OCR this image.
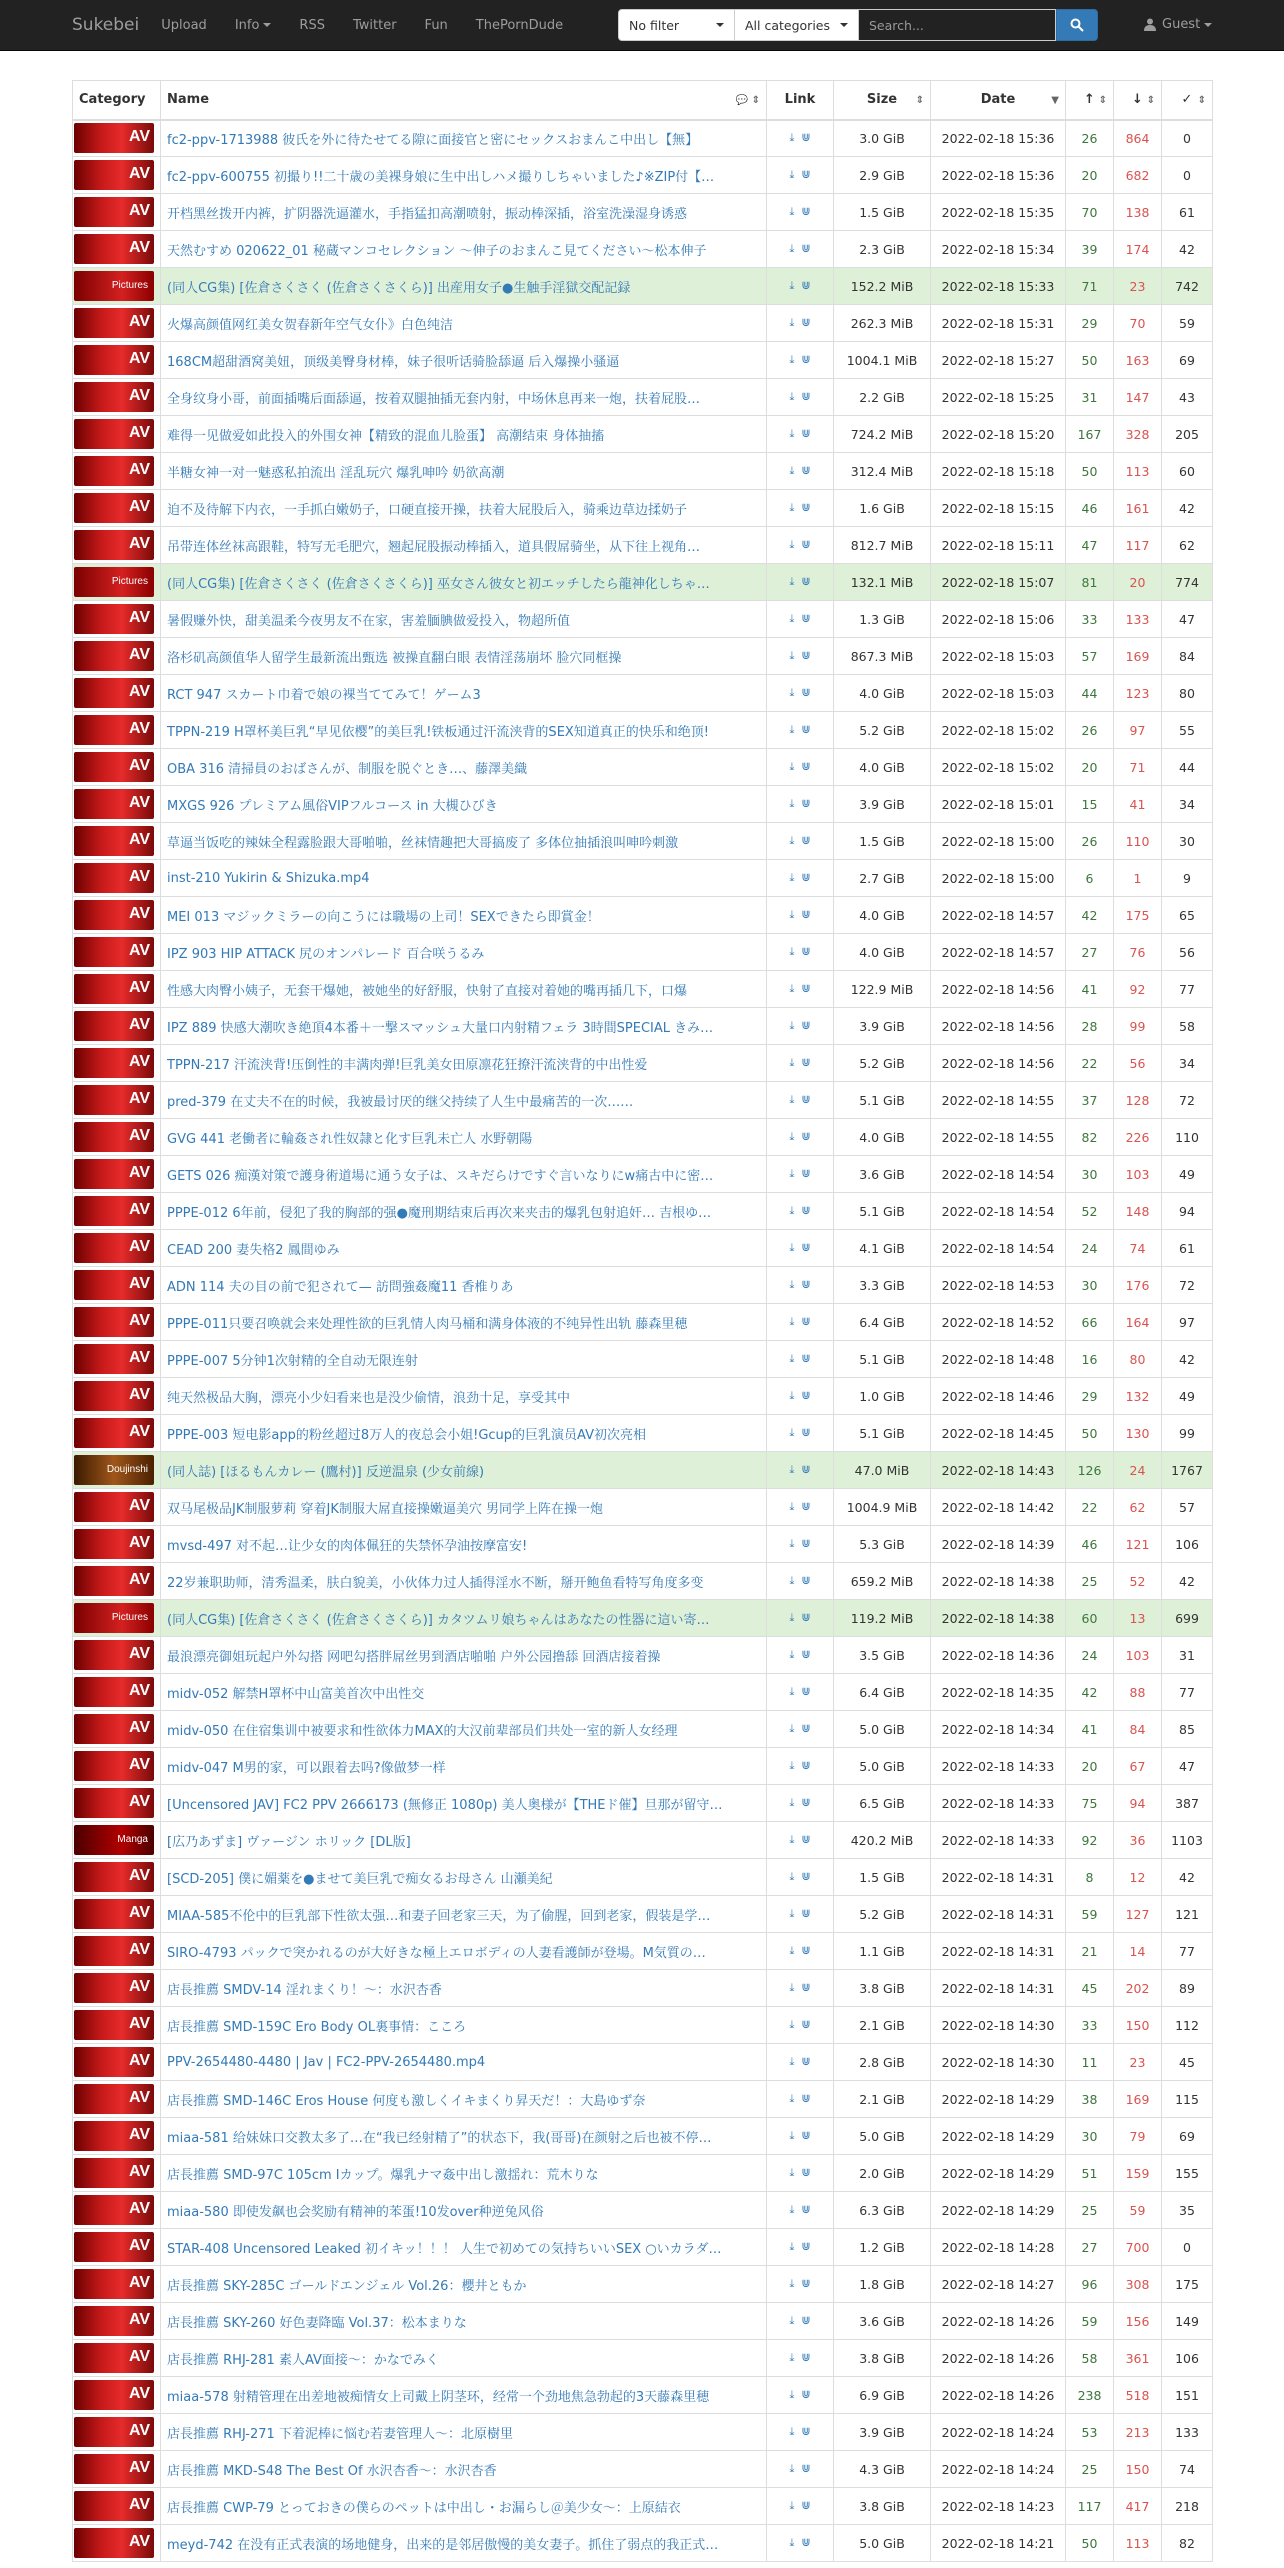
Sukebei Upload Info	RSS Twitter Fun ThePornDude	No filter	All categories	Search...	Guest
Category	Name 💬 ⇕	Link	Size ⇕	Date ▼	↑ ⇕	↓ ⇕	✓ ⇕

AV	fc2-ppv-1713988 彼氏を外に待たせてる隙に面接官と密にセックスおまんこ中出し【無】	⤓ ⋓	3.0 GiB	2022-02-18 15:36	26	864	0

AV	fc2-ppv-600755 初撮り!!二十歳の美裸身娘に生中出しハメ撮りしちゃいました♪※ZIP付【…	⤓ ⋓	2.9 GiB	2022-02-18 15:36	20	682	0

AV	开档黑丝拨开内裤，扩阴器洗逼灌水，手指猛扣高潮喷射，振动棒深插，浴室洗澡湿身诱惑	⤓ ⋓	1.5 GiB	2022-02-18 15:35	70	138	61

AV	天然むすめ 020622_01 秘蔵マンコセレクション 〜伸子のおまんこ見てください〜松本伸子	⤓ ⋓	2.3 GiB	2022-02-18 15:34	39	174	42

Pictures	(同人CG集) [佐倉さくさく (佐倉さくさくら)] 出産用女子●生触手淫獄交配記録	⤓ ⋓	152.2 MiB	2022-02-18 15:33	71	23	742

AV	火爆高颜值网红美女贺春新年空气女仆》白色纯洁	⤓ ⋓	262.3 MiB	2022-02-18 15:31	29	70	59

AV	168CM超甜酒窝美妞，顶级美臀身材棒，妹子很听话骑脸舔逼 后入爆操小骚逼	⤓ ⋓	1004.1 MiB	2022-02-18 15:27	50	163	69

AV	全身纹身小哥，前面插嘴后面舔逼，按着双腿抽插无套内射，中场休息再来一炮，扶着屁股…	⤓ ⋓	2.2 GiB	2022-02-18 15:25	31	147	43

AV	难得一见做爱如此投入的外围女神【精致的混血儿脸蛋】 高潮结束 身体抽搐	⤓ ⋓	724.2 MiB	2022-02-18 15:20	167	328	205

AV	半糖女神一对一魅惑私拍流出 淫乱玩穴 爆乳呻吟 奶欲高潮	⤓ ⋓	312.4 MiB	2022-02-18 15:18	50	113	60

AV	迫不及待解下内衣，一手抓白嫩奶子，口硬直接开操，扶着大屁股后入，骑乘边草边揉奶子	⤓ ⋓	1.6 GiB	2022-02-18 15:15	46	161	42

AV	吊带连体丝袜高跟鞋，特写无毛肥穴，翘起屁股振动棒插入，道具假屌骑坐，从下往上视角…	⤓ ⋓	812.7 MiB	2022-02-18 15:11	47	117	62

Pictures	(同人CG集) [佐倉さくさく (佐倉さくさくら)] 巫女さん彼女と初エッチしたら龍神化しちゃ…	⤓ ⋓	132.1 MiB	2022-02-18 15:07	81	20	774

AV	暑假赚外快，甜美温柔今夜男友不在家，害羞腼腆做爱投入，物超所值	⤓ ⋓	1.3 GiB	2022-02-18 15:06	33	133	47

AV	洛杉矶高颜值华人留学生最新流出甄选 被操直翻白眼 表情淫荡崩坏 脸穴同框操	⤓ ⋓	867.3 MiB	2022-02-18 15:03	57	169	84

AV	RCT 947 スカート巾着で娘の裸当ててみて！ゲーム3	⤓ ⋓	4.0 GiB	2022-02-18 15:03	44	123	80

AV	TPPN-219 H罩杯美巨乳“早见依樱”的美巨乳!铁板通过汗流浃背的SEX知道真正的快乐和绝顶!	⤓ ⋓	5.2 GiB	2022-02-18 15:02	26	97	55

AV	OBA 316 清掃員のおばさんが、制服を脱ぐとき…、藤澤美織	⤓ ⋓	4.0 GiB	2022-02-18 15:02	20	71	44

AV	MXGS 926 プレミアム風俗VIPフルコース in 大槻ひびき	⤓ ⋓	3.9 GiB	2022-02-18 15:01	15	41	34

AV	草逼当饭吃的辣妹全程露脸跟大哥啪啪，丝袜情趣把大哥搞废了 多体位抽插浪叫呻吟刺激	⤓ ⋓	1.5 GiB	2022-02-18 15:00	26	110	30

AV	inst-210 Yukirin & Shizuka.mp4	⤓ ⋓	2.7 GiB	2022-02-18 15:00	6	1	9

AV	MEI 013 マジックミラーの向こうには職場の上司！SEXできたら即賞金！	⤓ ⋓	4.0 GiB	2022-02-18 14:57	42	175	65

AV	IPZ 903 HIP ATTACK 尻のオンパレード 百合咲うるみ	⤓ ⋓	4.0 GiB	2022-02-18 14:57	27	76	56

AV	性感大肉臀小姨子，无套干爆她，被她坐的好舒服，快射了直接对着她的嘴再插几下，口爆	⤓ ⋓	122.9 MiB	2022-02-18 14:56	41	92	77

AV	IPZ 889 快感大潮吹き絶頂4本番＋一撃スマッシュ大量口内射精フェラ 3時間SPECIAL きみ…	⤓ ⋓	3.9 GiB	2022-02-18 14:56	28	99	58

AV	TPPN-217 汗流浃背!压倒性的丰满肉弹!巨乳美女田原凛花狂撩汗流浃背的中出性爱	⤓ ⋓	5.2 GiB	2022-02-18 14:56	22	56	34

AV	pred-379 在丈夫不在的时候，我被最讨厌的继父持续了人生中最痛苦的一次……	⤓ ⋓	5.1 GiB	2022-02-18 14:55	37	128	72

AV	GVG 441 老働者に輪姦され性奴隷と化す巨乳未亡人 水野朝陽	⤓ ⋓	4.0 GiB	2022-02-18 14:55	82	226	110

AV	GETS 026 痴漢対策で護身術道場に通う女子は、スキだらけですぐ言いなりにw痛古中に密…	⤓ ⋓	3.6 GiB	2022-02-18 14:54	30	103	49

AV	PPPE-012 6年前，侵犯了我的胸部的强●魔刑期结束后再次来夹击的爆乳包射追奸… 吉根ゆ…	⤓ ⋓	5.1 GiB	2022-02-18 14:54	52	148	94

AV	CEAD 200 妻失格2 鳳間ゆみ	⤓ ⋓	4.1 GiB	2022-02-18 14:54	24	74	61

AV	ADN 114 夫の目の前で犯されて— 訪問強姦魔11 香椎りあ	⤓ ⋓	3.3 GiB	2022-02-18 14:53	30	176	72

AV	PPPE-011只要召唤就会来处理性欲的巨乳情人肉马桶和满身体液的不纯异性出轨 藤森里穂	⤓ ⋓	6.4 GiB	2022-02-18 14:52	66	164	97

AV	PPPE-007 5分钟1次射精的全自动无限连射	⤓ ⋓	5.1 GiB	2022-02-18 14:48	16	80	42

AV	纯天然极品大胸，漂亮小少妇看来也是没少偷情，浪劲十足，享受其中	⤓ ⋓	1.0 GiB	2022-02-18 14:46	29	132	49

AV	PPPE-003 短电影app的粉丝超过8万人的夜总会小姐!Gcup的巨乳演员AV初次亮相	⤓ ⋓	5.1 GiB	2022-02-18 14:45	50	130	99

Doujinshi	(同人誌) [ほるもんカレー (鷹村)] 反逆温泉 (少女前線)	⤓ ⋓	47.0 MiB	2022-02-18 14:43	126	24	1767

AV	双马尾极品JK制服萝莉 穿着JK制服大屌直接操嫩逼美穴 男同学上阵在操一炮	⤓ ⋓	1004.9 MiB	2022-02-18 14:42	22	62	57

AV	mvsd-497 对不起…让少女的肉体佩狂的失禁怀孕油按摩富安!	⤓ ⋓	5.3 GiB	2022-02-18 14:39	46	121	106

AV	22岁兼职助师，清秀温柔，肤白貌美，小伙体力过人插得淫水不断，掰开鲍鱼看特写角度多变	⤓ ⋓	659.2 MiB	2022-02-18 14:38	25	52	42

Pictures	(同人CG集) [佐倉さくさく (佐倉さくさくら)] カタツムリ娘ちゃんはあなたの性器に這い寄…	⤓ ⋓	119.2 MiB	2022-02-18 14:38	60	13	699

AV	最浪漂亮御姐玩起户外勾搭 网吧勾搭胖屌丝男到酒店啪啪 户外公园撸舔 回酒店接着操	⤓ ⋓	3.5 GiB	2022-02-18 14:36	24	103	31

AV	midv-052 解禁H罩杯中山富美首次中出性交	⤓ ⋓	6.4 GiB	2022-02-18 14:35	42	88	77

AV	midv-050 在住宿集训中被要求和性欲体力MAX的大汉前辈部员们共处一室的新人女经理	⤓ ⋓	5.0 GiB	2022-02-18 14:34	41	84	85

AV	midv-047 M男的家，可以跟着去吗?像做梦一样	⤓ ⋓	5.0 GiB	2022-02-18 14:33	20	67	47

AV	[Uncensored JAV] FC2 PPV 2666173 (無修正 1080p) 美人奥様が【THEド催】旦那が留守…	⤓ ⋓	6.5 GiB	2022-02-18 14:33	75	94	387

Manga	[広乃あずま] ヴァージン ホリック [DL版]	⤓ ⋓	420.2 MiB	2022-02-18 14:33	92	36	1103

AV	[SCD-205] 僕に媚薬を●ませて美巨乳で痴女るお母さん 山瀬美紀	⤓ ⋓	1.5 GiB	2022-02-18 14:31	8	12	42

AV	MIAA-585不伦中的巨乳部下性欲太强…和妻子回老家三天，为了偷腥，回到老家，假装是学…	⤓ ⋓	5.2 GiB	2022-02-18 14:31	59	127	121

AV	SIRO-4793 パックで突かれるのが大好きな極上エロボディの人妻看護師が登場。M気質の…	⤓ ⋓	1.1 GiB	2022-02-18 14:31	21	14	77

AV	店長推薦 SMDV-14 淫れまくり！～：水沢杏香	⤓ ⋓	3.8 GiB	2022-02-18 14:31	45	202	89

AV	店長推薦 SMD-159C Ero Body OL裏事情：こころ	⤓ ⋓	2.1 GiB	2022-02-18 14:30	33	150	112

AV	PPV-2654480-4480 | Jav | FC2-PPV-2654480.mp4	⤓ ⋓	2.8 GiB	2022-02-18 14:30	11	23	45

AV	店長推薦 SMD-146C Eros House 何度も激しくイキまくり昇天だ！：大島ゆず奈	⤓ ⋓	2.1 GiB	2022-02-18 14:29	38	169	115

AV	miaa-581 给妹妹口交教太多了…在“我已经射精了”的状态下，我(哥哥)在颜射之后也被不停…	⤓ ⋓	5.0 GiB	2022-02-18 14:29	30	79	69

AV	店長推薦 SMD-97C 105cm Iカップ。爆乳ナマ姦中出し激揺れ：荒木りな	⤓ ⋓	2.0 GiB	2022-02-18 14:29	51	159	155

AV	miaa-580 即使发飙也会奖励有精神的苯蛋!10发over种逆兔风俗	⤓ ⋓	6.3 GiB	2022-02-18 14:29	25	59	35

AV	STAR-408 Uncensored Leaked 初イキッ！！！ 人生で初めての気持ちいいSEX ○いカラダ…	⤓ ⋓	1.2 GiB	2022-02-18 14:28	27	700	0

AV	店長推薦 SKY-285C ゴールドエンジェル Vol.26：櫻井ともか	⤓ ⋓	1.8 GiB	2022-02-18 14:27	96	308	175

AV	店長推薦 SKY-260 好色妻降臨 Vol.37：松本まりな	⤓ ⋓	3.6 GiB	2022-02-18 14:26	59	156	149

AV	店長推薦 RHJ-281 素人AV面接～：かなでみく	⤓ ⋓	3.8 GiB	2022-02-18 14:26	58	361	106

AV	miaa-578 射精管理在出差地被痴情女上司戴上阴茎环，经常一个劲地焦急勃起的3天藤森里穂	⤓ ⋓	6.9 GiB	2022-02-18 14:26	238	518	151

AV	店長推薦 RHJ-271 下着泥棒に悩む若妻管理人～：北原樹里	⤓ ⋓	3.9 GiB	2022-02-18 14:24	53	213	133

AV	店長推薦 MKD-S48 The Best Of 水沢杏香～：水沢杏香	⤓ ⋓	4.3 GiB	2022-02-18 14:24	25	150	74

AV	店長推薦 CWP-79 とっておきの僕らのペットは中出し・お漏らし＠美少女～：上原結衣	⤓ ⋓	3.8 GiB	2022-02-18 14:23	117	417	218

AV	meyd-742 在没有正式表演的场地健身，出来的是邻居傲慢的美女妻子。抓住了弱点的我正式…	⤓ ⋓	5.0 GiB	2022-02-18 14:21	50	113	82
